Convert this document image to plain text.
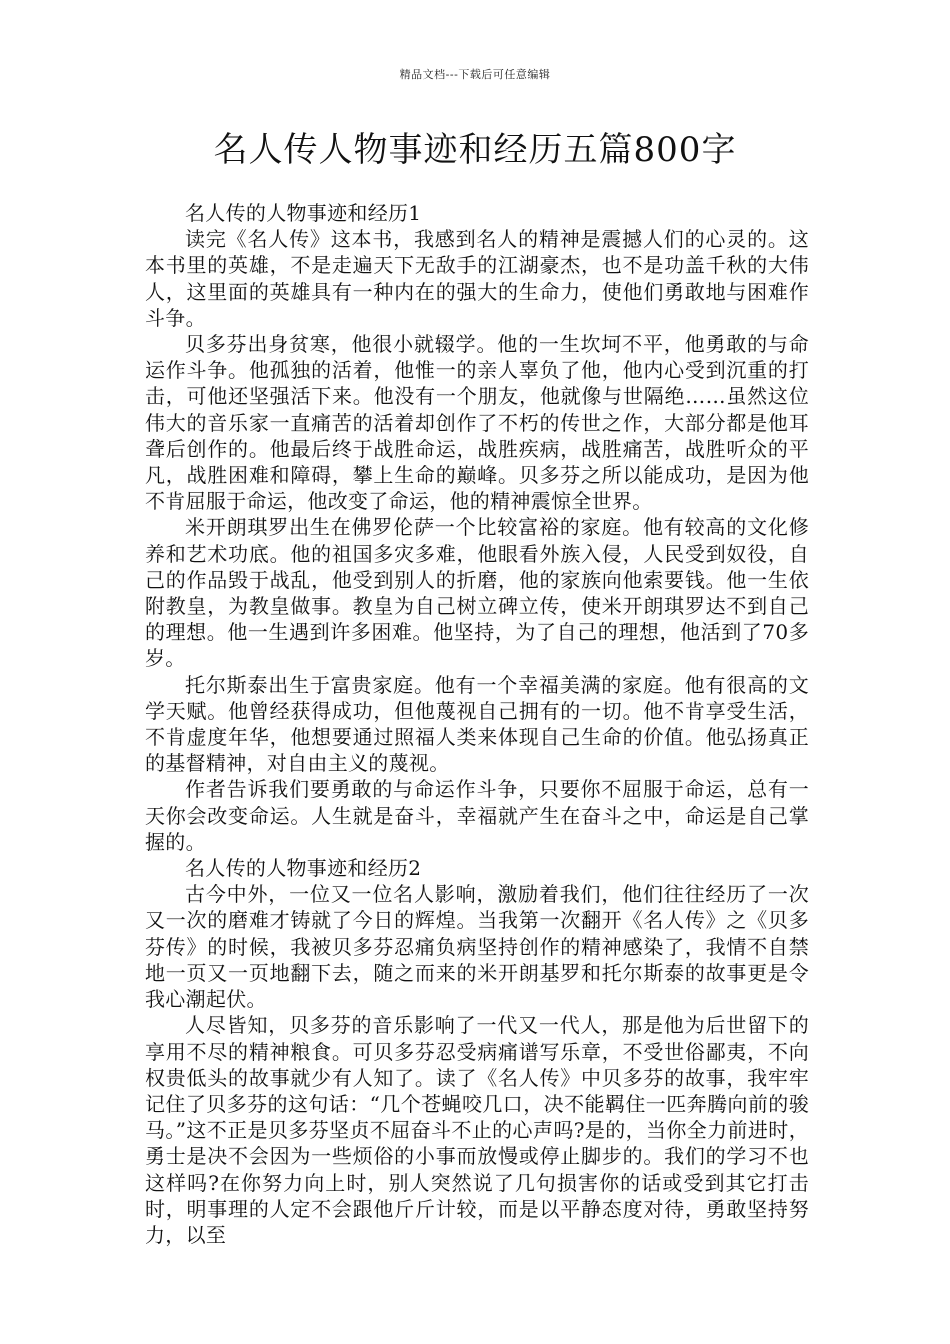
精品文档---下载后可任意编辑
名人传人物事迹和经历五篇800字

名人传的人物事迹和经历1

读完《名人传》这本书，我感到名人的精神是震撼人们的心灵的。这本书里的英雄，不是走遍天下无敌手的江湖豪杰，也不是功盖千秋的大伟人，这里面的英雄具有一种内在的强大的生命力，使他们勇敢地与困难作斗争。

贝多芬出身贫寒，他很小就辍学。他的一生坎坷不平，他勇敢的与命运作斗争。他孤独的活着，他惟一的亲人辜负了他，他内心受到沉重的打击，可他还坚强活下来。他没有一个朋友，他就像与世隔绝……虽然这位伟大的音乐家一直痛苦的活着却创作了不朽的传世之作，大部分都是他耳聋后创作的。他最后终于战胜命运，战胜疾病，战胜痛苦，战胜听众的平凡，战胜困难和障碍，攀上生命的巅峰。贝多芬之所以能成功，是因为他不肯屈服于命运，他改变了命运，他的精神震惊全世界。

米开朗琪罗出生在佛罗伦萨一个比较富裕的家庭。他有较高的文化修养和艺术功底。他的祖国多灾多难，他眼看外族入侵，人民受到奴役，自己的作品毁于战乱，他受到别人的折磨，他的家族向他索要钱。他一生依附教皇，为教皇做事。教皇为自己树立碑立传，使米开朗琪罗达不到自己的理想。他一生遇到许多困难。他坚持，为了自己的理想，他活到了70多岁。

托尔斯泰出生于富贵家庭。他有一个幸福美满的家庭。他有很高的文学天赋。他曾经获得成功，但他蔑视自己拥有的一切。他不肯享受生活，不肯虚度年华，他想要通过照福人类来体现自己生命的价值。他弘扬真正的基督精神，对自由主义的蔑视。

作者告诉我们要勇敢的与命运作斗争，只要你不屈服于命运，总有一天你会改变命运。人生就是奋斗，幸福就产生在奋斗之中，命运是自己掌握的。

名人传的人物事迹和经历2

古今中外，一位又一位名人影响，激励着我们，他们往往经历了一次又一次的磨难才铸就了今日的辉煌。当我第一次翻开《名人传》之《贝多芬传》的时候，我被贝多芬忍痛负病坚持创作的精神感染了，我情不自禁地一页又一页地翻下去，随之而来的米开朗基罗和托尔斯泰的故事更是令我心潮起伏。

人尽皆知，贝多芬的音乐影响了一代又一代人，那是他为后世留下的享用不尽的精神粮食。可贝多芬忍受病痛谱写乐章，不受世俗鄙夷，不向权贵低头的故事就少有人知了。读了《名人传》中贝多芬的故事，我牢牢记住了贝多芬的这句话：“几个苍蝇咬几口，决不能羁住一匹奔腾向前的骏马。”这不正是贝多芬坚贞不屈奋斗不止的心声吗?是的，当你全力前进时，勇士是决不会因为一些烦俗的小事而放慢或停止脚步的。我们的学习不也这样吗?在你努力向上时，别人突然说了几句损害你的话或受到其它打击时，明事理的人定不会跟他斤斤计较，而是以平静态度对待，勇敢坚持努力，以至
